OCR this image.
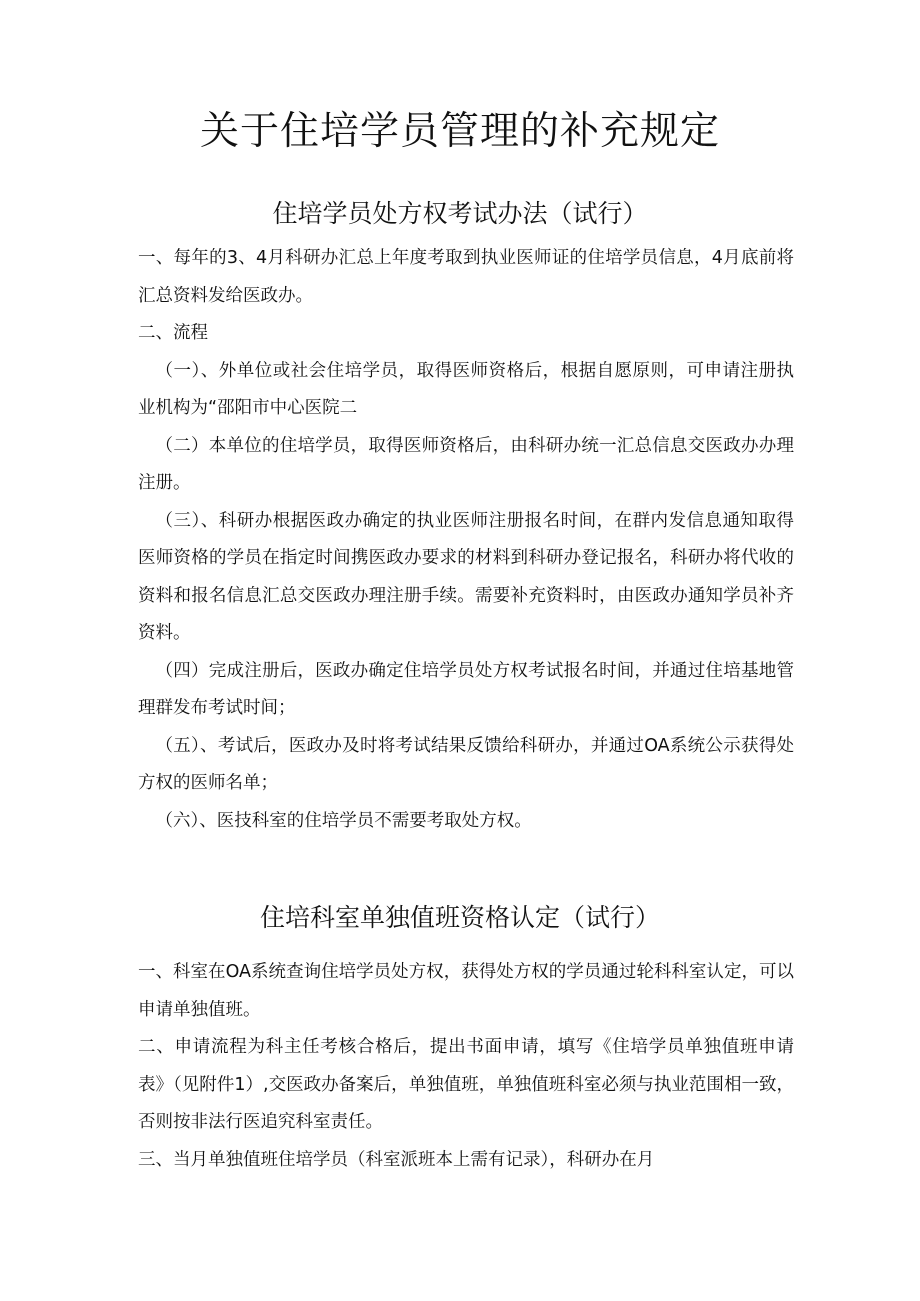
关于住培学员管理的补充规定
住培学员处方权考试办法（试行）

一、每年的3、4月科研办汇总上年度考取到执业医师证的住培学员信息，4月底前将汇总资料发给医政办。

二、流程

（一）、外单位或社会住培学员，取得医师资格后，根据自愿原则，可申请注册执业机构为“邵阳市中心医院二

（二）本单位的住培学员，取得医师资格后，由科研办统一汇总信息交医政办办理注册。

（三）、科研办根据医政办确定的执业医师注册报名时间，在群内发信息通知取得医师资格的学员在指定时间携医政办要求的材料到科研办登记报名，科研办将代收的资料和报名信息汇总交医政办理注册手续。需要补充资料时，由医政办通知学员补齐资料。

（四）完成注册后，医政办确定住培学员处方权考试报名时间，并通过住培基地管理群发布考试时间；

（五）、考试后，医政办及时将考试结果反馈给科研办，并通过OA系统公示获得处方权的医师名单；

（六）、医技科室的住培学员不需要考取处方权。

住培科室单独值班资格认定（试行）

一、科室在OA系统查询住培学员处方权，获得处方权的学员通过轮科科室认定，可以申请单独值班。

二、申请流程为科主任考核合格后，提出书面申请，填写《住培学员单独值班申请表》（见附件1）,交医政办备案后，单独值班，单独值班科室必须与执业范围相一致，否则按非法行医追究科室责任。

三、当月单独值班住培学员（科室派班本上需有记录），科研办在月
